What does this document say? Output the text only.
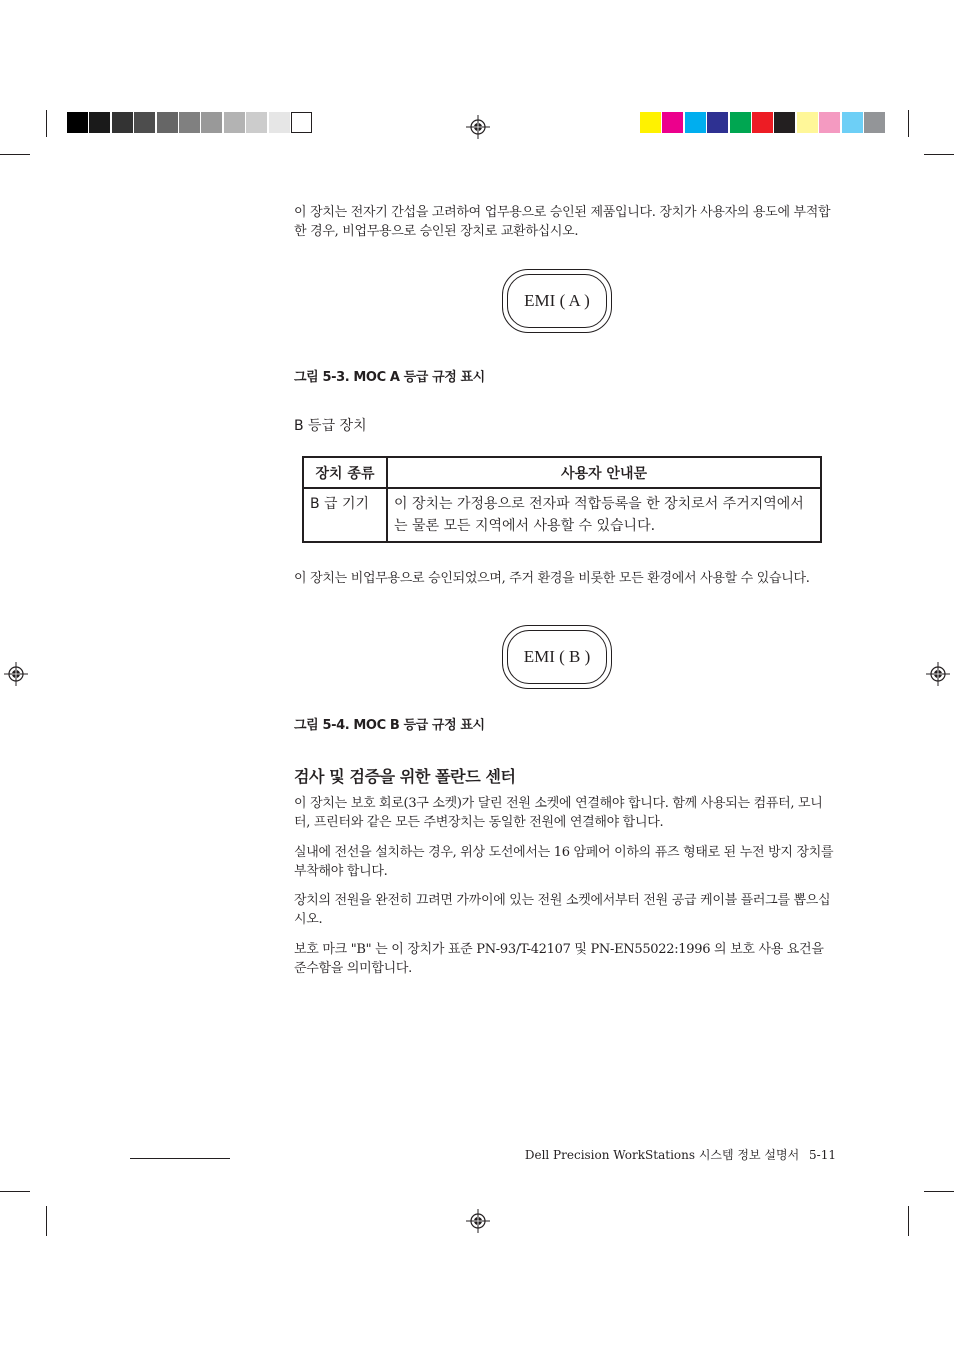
이 장치는 전자기 간섭을 고려하여 업무용으로 승인된 제품입니다. 장치가 사용자의 용도에 부적합한 경우, 비업무용으로 승인된 장치로 교환하십시오.
EMI ( A )
그림 5-3. MOC A 등급 규정 표시
B 등급 장치
장치 종류	사용자 안내문
B 급 기기	이 장치는 가정용으로 전자파 적합등록을 한 장치로서 주거지역에서는 물론 모든 지역에서 사용할 수 있습니다.
이 장치는 비업무용으로 승인되었으며, 주거 환경을 비롯한 모든 환경에서 사용할 수 있습니다.
EMI ( B )
그림 5-4. MOC B 등급 규정 표시
검사 및 검증을 위한 폴란드 센터
이 장치는 보호 회로(3구 소켓)가 달린 전원 소켓에 연결해야 합니다. 함께 사용되는 컴퓨터, 모니터, 프린터와 같은 모든 주변장치는 동일한 전원에 연결해야 합니다.
실내에 전선을 설치하는 경우, 위상 도선에서는 16 암페어 이하의 퓨즈 형태로 된 누전 방지 장치를부착해야 합니다.
장치의 전원을 완전히 끄려면 가까이에 있는 전원 소켓에서부터 전원 공급 케이블 플러그를 뽑으십시오.
보호 마크 "B" 는 이 장치가 표준 PN-93/T-42107 및 PN-EN55022:1996 의 보호 사용 요건을 준수함을 의미합니다.
Dell Precision WorkStations 시스템 정보 설명서 5-11
